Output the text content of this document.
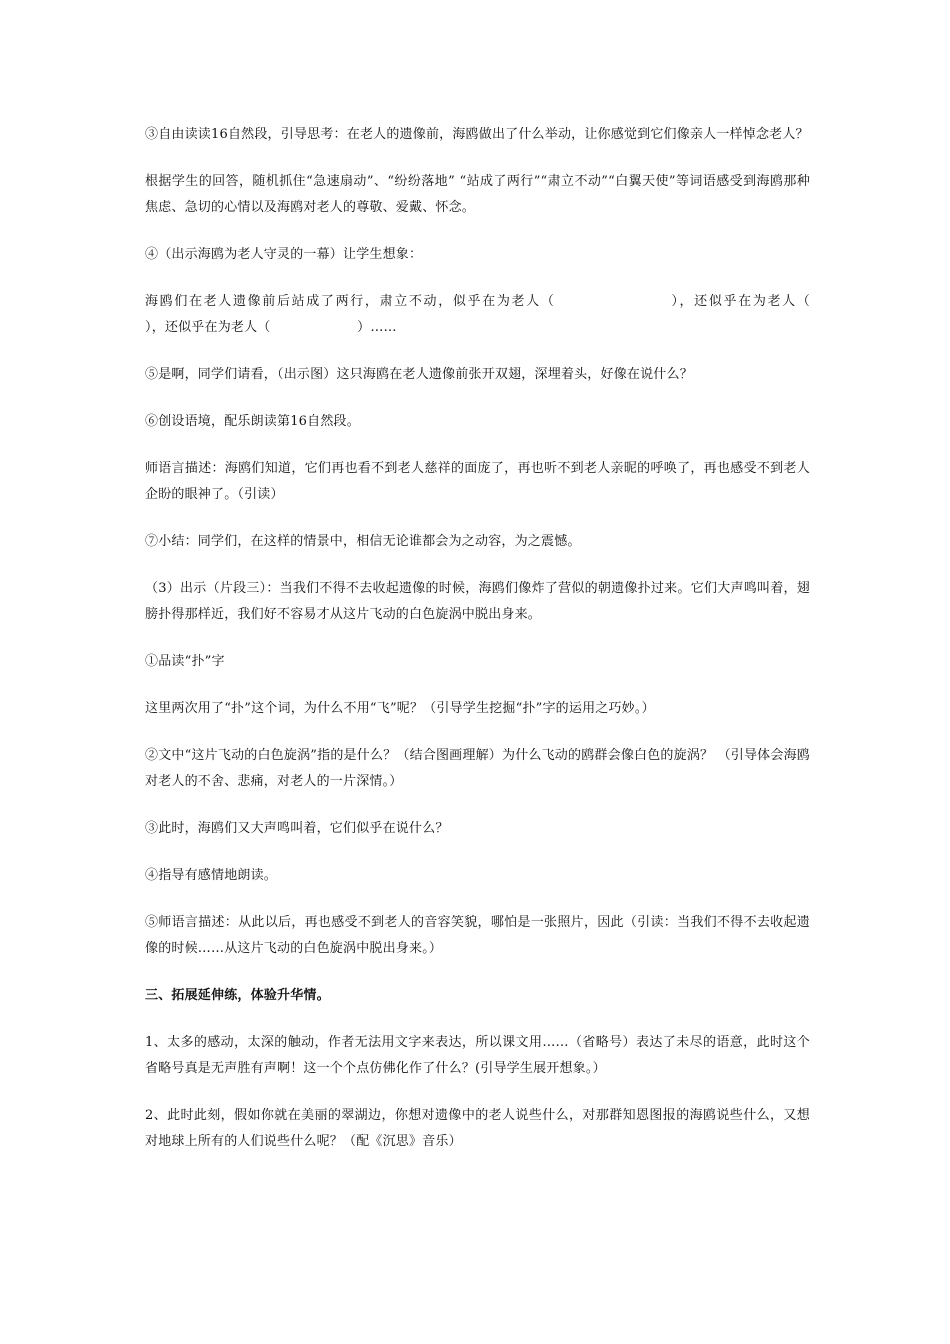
③自由读读16自然段，引导思考：在老人的遗像前，海鸥做出了什么举动，让你感觉到它们像亲人一样悼念老人？

根据学生的回答，随机抓住“急速扇动”、“纷纷落地” “站成了两行”“肃立不动”“白翼天使”等词语感受到海鸥那种焦虑、急切的心情以及海鸥对老人的尊敬、爱戴、怀念。

④（出示海鸥为老人守灵的一幕）让学生想象：

海鸥们在老人遗像前后站成了两行，肃立不动，似乎在为老人（                    ），还似乎在为老人（                    ），还似乎在为老人（                    ）……

⑤是啊，同学们请看，（出示图）这只海鸥在老人遗像前张开双翅，深埋着头，好像在说什么？

⑥创设语境，配乐朗读第16自然段。

师语言描述：海鸥们知道，它们再也看不到老人慈祥的面庞了，再也听不到老人亲昵的呼唤了，再也感受不到老人企盼的眼神了。（引读）

⑦小结：同学们，在这样的情景中，相信无论谁都会为之动容，为之震憾。

（3）出示（片段三）：当我们不得不去收起遗像的时候，海鸥们像炸了营似的朝遗像扑过来。它们大声鸣叫着，翅膀扑得那样近，我们好不容易才从这片飞动的白色旋涡中脱出身来。

①品读“扑”字

这里两次用了“扑”这个词，为什么不用“飞”呢？（引导学生挖掘“扑”字的运用之巧妙。）

②文中“这片飞动的白色旋涡”指的是什么？（结合图画理解）为什么飞动的鸥群会像白色的旋涡？ （引导体会海鸥对老人的不舍、悲痛，对老人的一片深情。）

③此时，海鸥们又大声鸣叫着，它们似乎在说什么？

④指导有感情地朗读。

⑤师语言描述：从此以后，再也感受不到老人的音容笑貌，哪怕是一张照片，因此（引读：当我们不得不去收起遗像的时候……从这片飞动的白色旋涡中脱出身来。）

三、拓展延伸练，体验升华情。

1、太多的感动，太深的触动，作者无法用文字来表达，所以课文用……（省略号）表达了未尽的语意，此时这个省略号真是无声胜有声啊！这一个个点仿佛化作了什么？(引导学生展开想象。）

2、此时此刻，假如你就在美丽的翠湖边，你想对遗像中的老人说些什么，对那群知恩图报的海鸥说些什么，又想对地球上所有的人们说些什么呢？（配《沉思》音乐）
